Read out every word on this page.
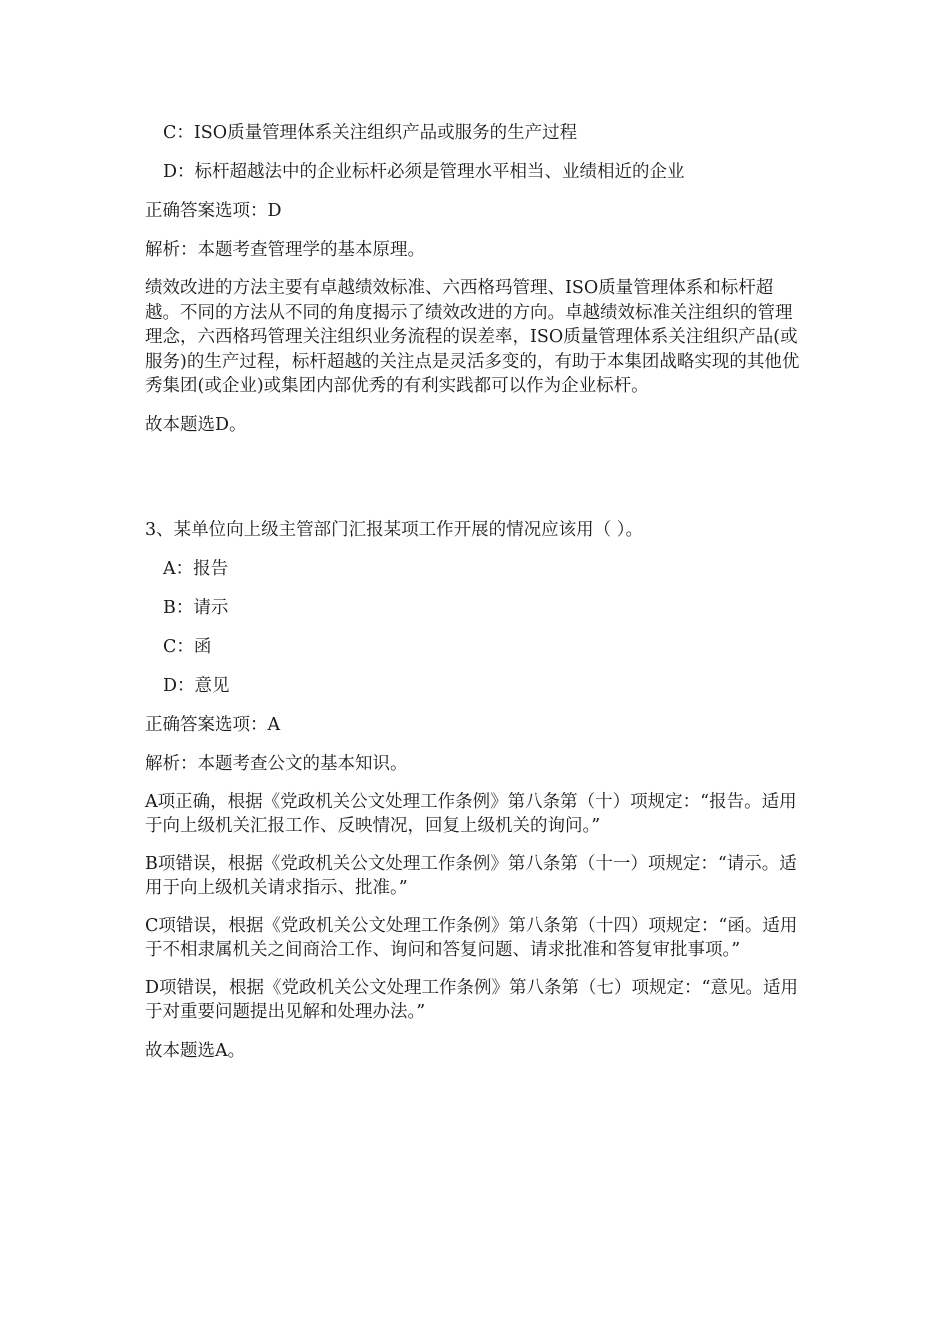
C：ISO质量管理体系关注组织产品或服务的生产过程
D：标杆超越法中的企业标杆必须是管理水平相当、业绩相近的企业
正确答案选项：D
解析：本题考查管理学的基本原理。
绩效改进的方法主要有卓越绩效标准、六西格玛管理、ISO质量管理体系和标杆超越。不同的方法从不同的角度揭示了绩效改进的方向。卓越绩效标准关注组织的管理理念，六西格玛管理关注组织业务流程的误差率，ISO质量管理体系关注组织产品(或服务)的生产过程，标杆超越的关注点是灵活多变的，有助于本集团战略实现的其他优秀集团(或企业)或集团内部优秀的有利实践都可以作为企业标杆。
故本题选D。
3、某单位向上级主管部门汇报某项工作开展的情况应该用（ ）。
A：报告
B：请示
C：函
D：意见
正确答案选项：A
解析：本题考查公文的基本知识。
A项正确，根据《党政机关公文处理工作条例》第八条第（十）项规定：“报告。适用于向上级机关汇报工作、反映情况，回复上级机关的询问。”
B项错误，根据《党政机关公文处理工作条例》第八条第（十一）项规定：“请示。适用于向上级机关请求指示、批准。”
C项错误，根据《党政机关公文处理工作条例》第八条第（十四）项规定：“函。适用于不相隶属机关之间商洽工作、询问和答复问题、请求批准和答复审批事项。”
D项错误，根据《党政机关公文处理工作条例》第八条第（七）项规定：“意见。适用于对重要问题提出见解和处理办法。”
故本题选A。
